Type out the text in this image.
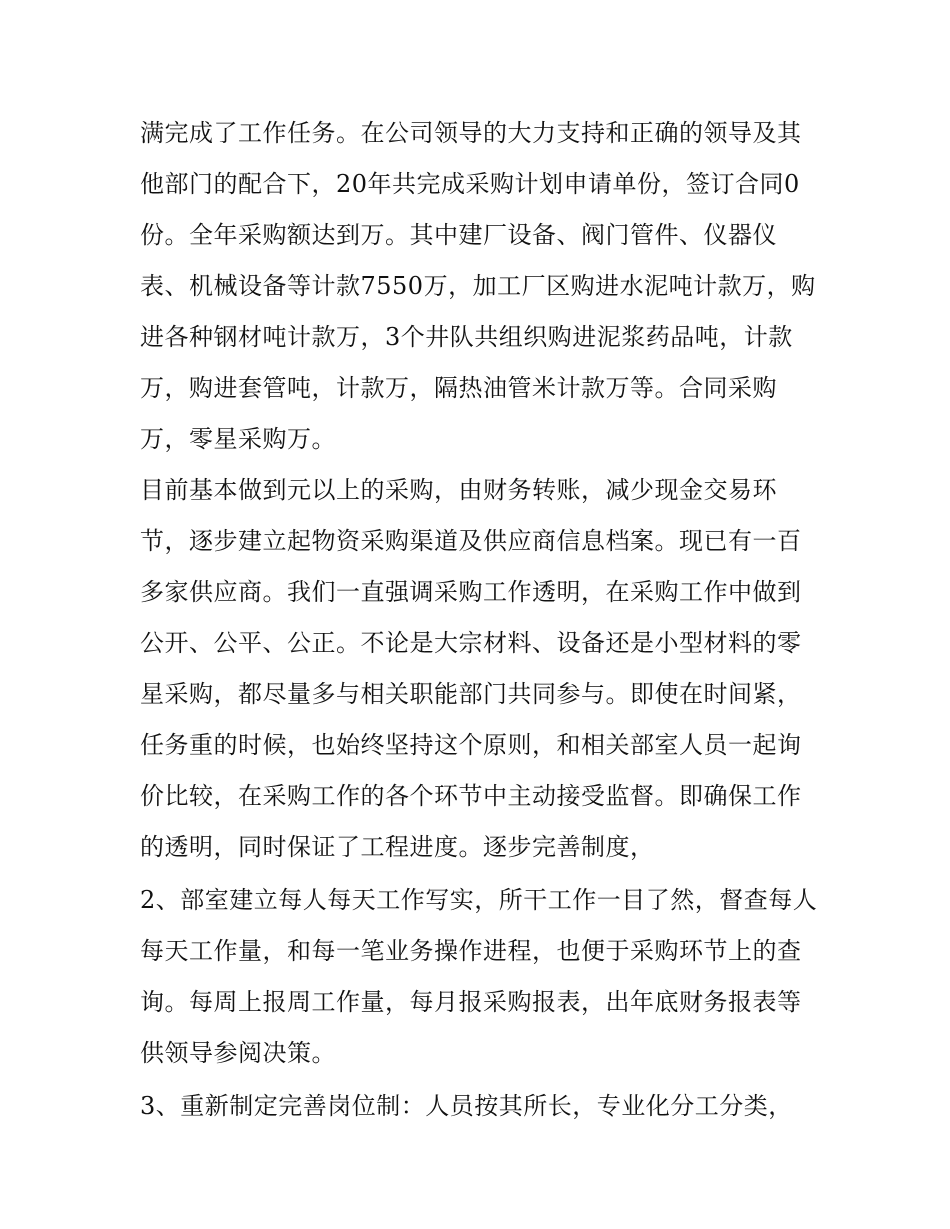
满完成了工作任务。在公司领导的大力支持和正确的领导及其他部门的配合下，20年共完成采购计划申请单份，签订合同0份。全年采购额达到万。其中建厂设备、阀门管件、仪器仪表、机械设备等计款7550万，加工厂区购进水泥吨计款万，购进各种钢材吨计款万，3个井队共组织购进泥浆药品吨，计款万，购进套管吨，计款万，隔热油管米计款万等。合同采购万，零星采购万。

目前基本做到元以上的采购，由财务转账，减少现金交易环节，逐步建立起物资采购渠道及供应商信息档案。现已有一百多家供应商。我们一直强调采购工作透明，在采购工作中做到公开、公平、公正。不论是大宗材料、设备还是小型材料的零星采购，都尽量多与相关职能部门共同参与。即使在时间紧，任务重的时候，也始终坚持这个原则，和相关部室人员一起询价比较，在采购工作的各个环节中主动接受监督。即确保工作的透明，同时保证了工程进度。逐步完善制度，

2、部室建立每人每天工作写实，所干工作一目了然，督查每人每天工作量，和每一笔业务操作进程，也便于采购环节上的查询。每周上报周工作量，每月报采购报表，出年底财务报表等供领导参阅决策。

3、重新制定完善岗位制：人员按其所长，专业化分工分类，
